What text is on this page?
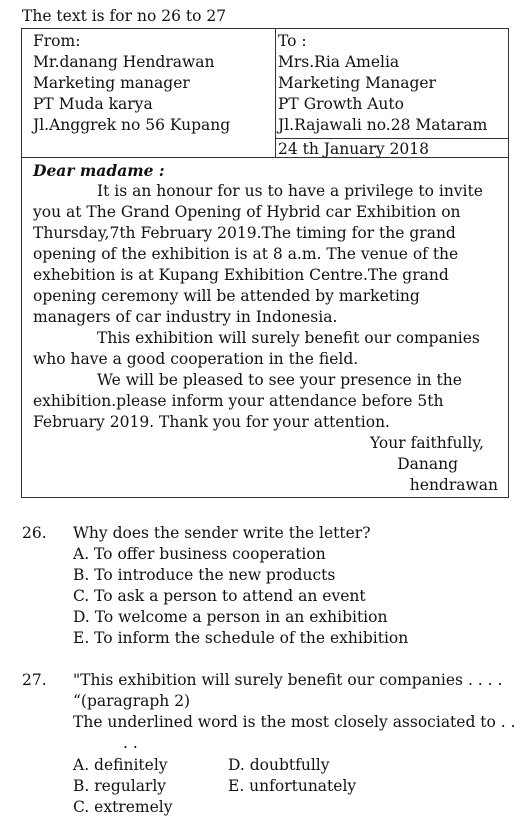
The text is for no 26 to 27
From:
Mr.danang Hendrawan
Marketing manager
PT Muda karya
Jl.Anggrek no 56 Kupang
To :
Mrs.Ria Amelia
Marketing Manager
PT Growth Auto
Jl.Rajawali no.28 Mataram
24 th January 2018
Dear madame :
It is an honour for us to have a privilege to invite you at The Grand Opening of Hybrid car Exhibition on Thursday,7th February 2019.The timing for the grand opening of the exhibition is at 8 a.m. The venue of the exhebition is at Kupang Exhibition Centre.The grand opening ceremony will be attended by marketing managers of car industry in Indonesia.
This exhibition will surely benefit our companies who have a good cooperation in the field.
We will be pleased to see your presence in the exhibition.please inform your attendance before 5th February 2019. Thank you for your attention.
Your faithfully,
Danang
hendrawan
26. Why does the sender write the letter?
A. To offer business cooperation
B. To introduce the new products
C. To ask a person to attend an event
D. To welcome a person in an exhibition
E. To inform the schedule of the exhibition
27. "This exhibition will surely benefit our companies . . . .
“(paragraph 2)
The underlined word is the most closely associated to . .
. .
A. definitely
B. regularly
C. extremely
D. doubtfully
E. unfortunately
